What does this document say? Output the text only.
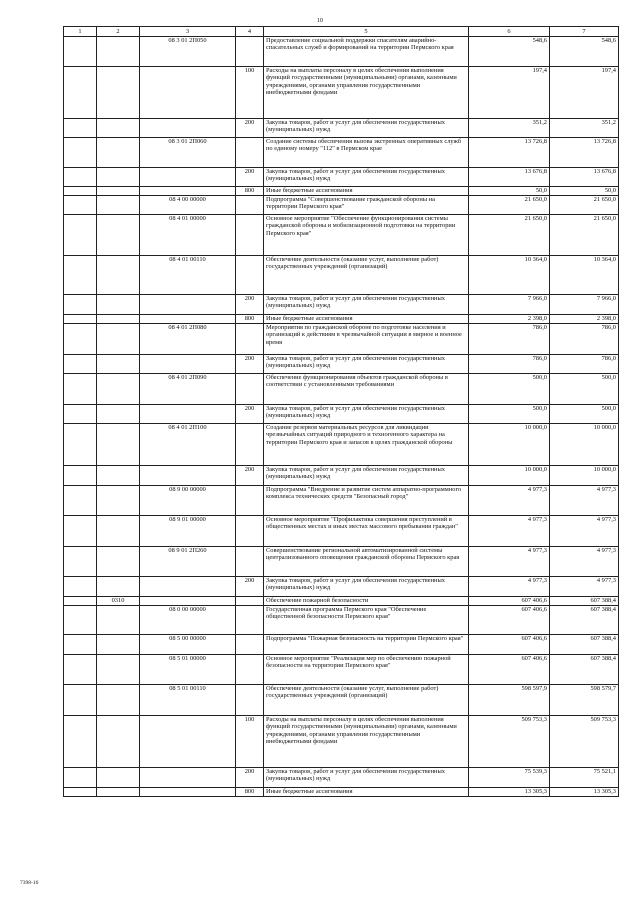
10
1	2	3	4	5	6	7
		08 3 01 2П050		Предоставление социальной поддержки спасателям аварийно-спасательных служб и формирований на территории Пермского края	548,6	548,6
			100	Расходы на выплаты персоналу в целях обеспечения выполнения функций государственными (муниципальными) органами, казенными учреждениями, органами управления государственными внебюджетными фондами	197,4	197,4
			200	Закупка товаров, работ и услуг для обеспечения государственных (муниципальных) нужд	351,2	351,2
		08 3 01 2П060		Создание системы обеспечения вызова экстренных оперативных служб по единому номеру "112" в Пермском крае	13 726,8	13 726,8
			200	Закупка товаров, работ и услуг для обеспечения государственных (муниципальных) нужд	13 676,8	13 676,8
			800	Иные бюджетные ассигнования	50,0	50,0
		08 4 00 00000		Подпрограмма "Совершенствование гражданской обороны на территории Пермского края"	21 650,0	21 650,0
		08 4 01 00000		Основное мероприятие "Обеспечение функционирования системы гражданской обороны и мобилизационной подготовки на территории Пермского края"	21 650,0	21 650,0
		08 4 01 00110		Обеспечение деятельности (оказание услуг, выполнение работ) государственных учреждений (организаций)	10 364,0	10 364,0
			200	Закупка товаров, работ и услуг для обеспечения государственных (муниципальных) нужд	7 966,0	7 966,0
			800	Иные бюджетные ассигнования	2 398,0	2 398,0
		08 4 01 2П080		Мероприятия по гражданской обороне по подготовке населения и организаций к действиям в чрезвычайной ситуации в мирное и военное время	786,0	786,0
			200	Закупка товаров, работ и услуг для обеспечения государственных (муниципальных) нужд	786,0	786,0
		08 4 01 2П090		Обеспечение функционирования объектов гражданской обороны в соответствии с установленными требованиями	500,0	500,0
			200	Закупка товаров, работ и услуг для обеспечения государственных (муниципальных) нужд	500,0	500,0
		08 4 01 2П100		Создание резервов материальных ресурсов для ликвидации чрезвычайных ситуаций природного и техногенного характера на территории Пермского края и запасов в целях гражданской обороны	10 000,0	10 000,0
			200	Закупка товаров, работ и услуг для обеспечения государственных (муниципальных) нужд	10 000,0	10 000,0
		08 9 00 00000		Подпрограмма "Внедрение и развитие систем аппаратно-программного комплекса технических средств "Безопасный город"	4 977,3	4 977,3
		08 9 01 00000		Основное мероприятие "Профилактика совершения преступлений в общественных местах и иных местах массового пребывания граждан"	4 977,3	4 977,3
		08 9 01 2П260		Совершенствование региональной автоматизированной системы централизованного оповещения гражданской обороны Пермского края	4 977,3	4 977,3
			200	Закупка товаров, работ и услуг для обеспечения государственных (муниципальных) нужд	4 977,3	4 977,3
	0310			Обеспечение пожарной безопасности	607 406,6	607 388,4
		08 0 00 00000		Государственная программа Пермского края "Обеспечение общественной безопасности Пермского края"	607 406,6	607 388,4
		08 5 00 00000		Подпрограмма "Пожарная безопасность на территории Пермского края"	607 406,6	607 388,4
		08 5 01 00000		Основное мероприятие "Реализация мер по обеспечению пожарной безопасности на территории Пермского края"	607 406,6	607 388,4
		08 5 01 00110		Обеспечение деятельности (оказание услуг, выполнение работ) государственных учреждений (организаций)	598 597,9	598 579,7
			100	Расходы на выплаты персоналу в целях обеспечения выполнения функций государственными (муниципальными) органами, казенными учреждениями, органами управления государственными внебюджетными фондами	509 753,3	509 753,3
			200	Закупка товаров, работ и услуг для обеспечения государственных (муниципальных) нужд	75 539,3	75 521,1
			800	Иные бюджетные ассигнования	13 305,3	13 305,3
7398-16
